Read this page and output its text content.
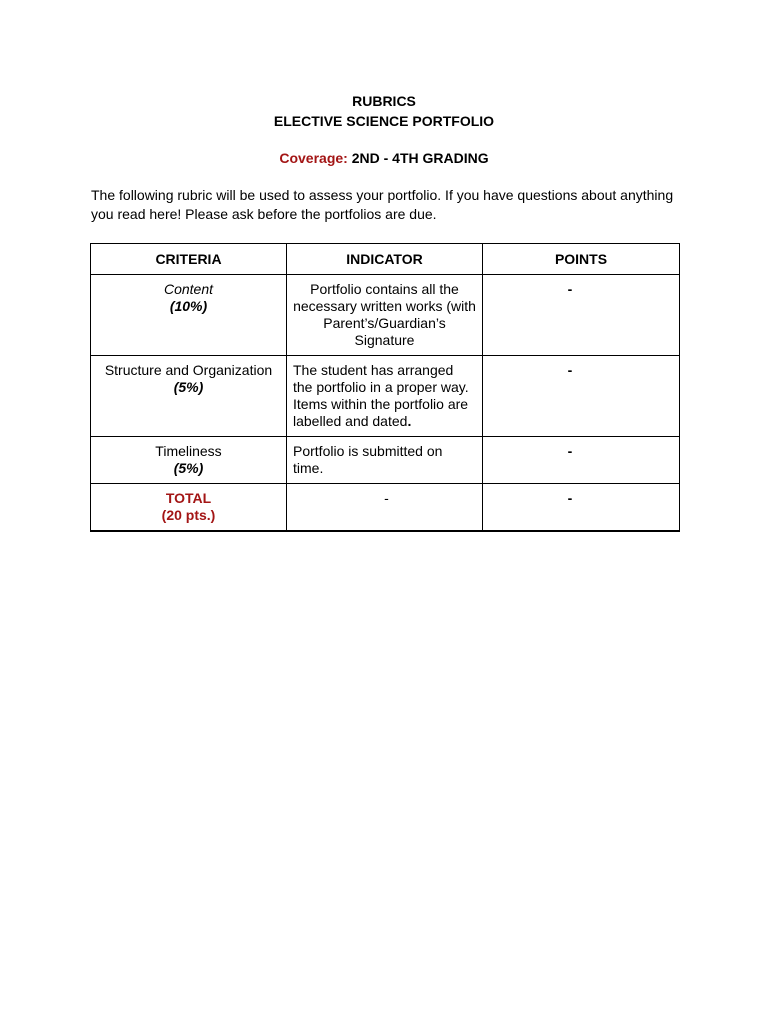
RUBRICS
ELECTIVE SCIENCE PORTFOLIO
Coverage: 2ND - 4TH GRADING
The following rubric will be used to assess your portfolio. If you have questions about anything you read here! Please ask before the portfolios are due.
CRITERIA	INDICATOR	POINTS

Content
(10%)	Portfolio contains all the necessary written works (with Parent’s/Guardian’s Signature	-

Structure and Organization
(5%)	The student has arranged the portfolio in a proper way. Items within the portfolio are labelled and dated.	-

Timeliness
(5%)	Portfolio is submitted on time.	-

TOTAL
(20 pts.)	-	-
